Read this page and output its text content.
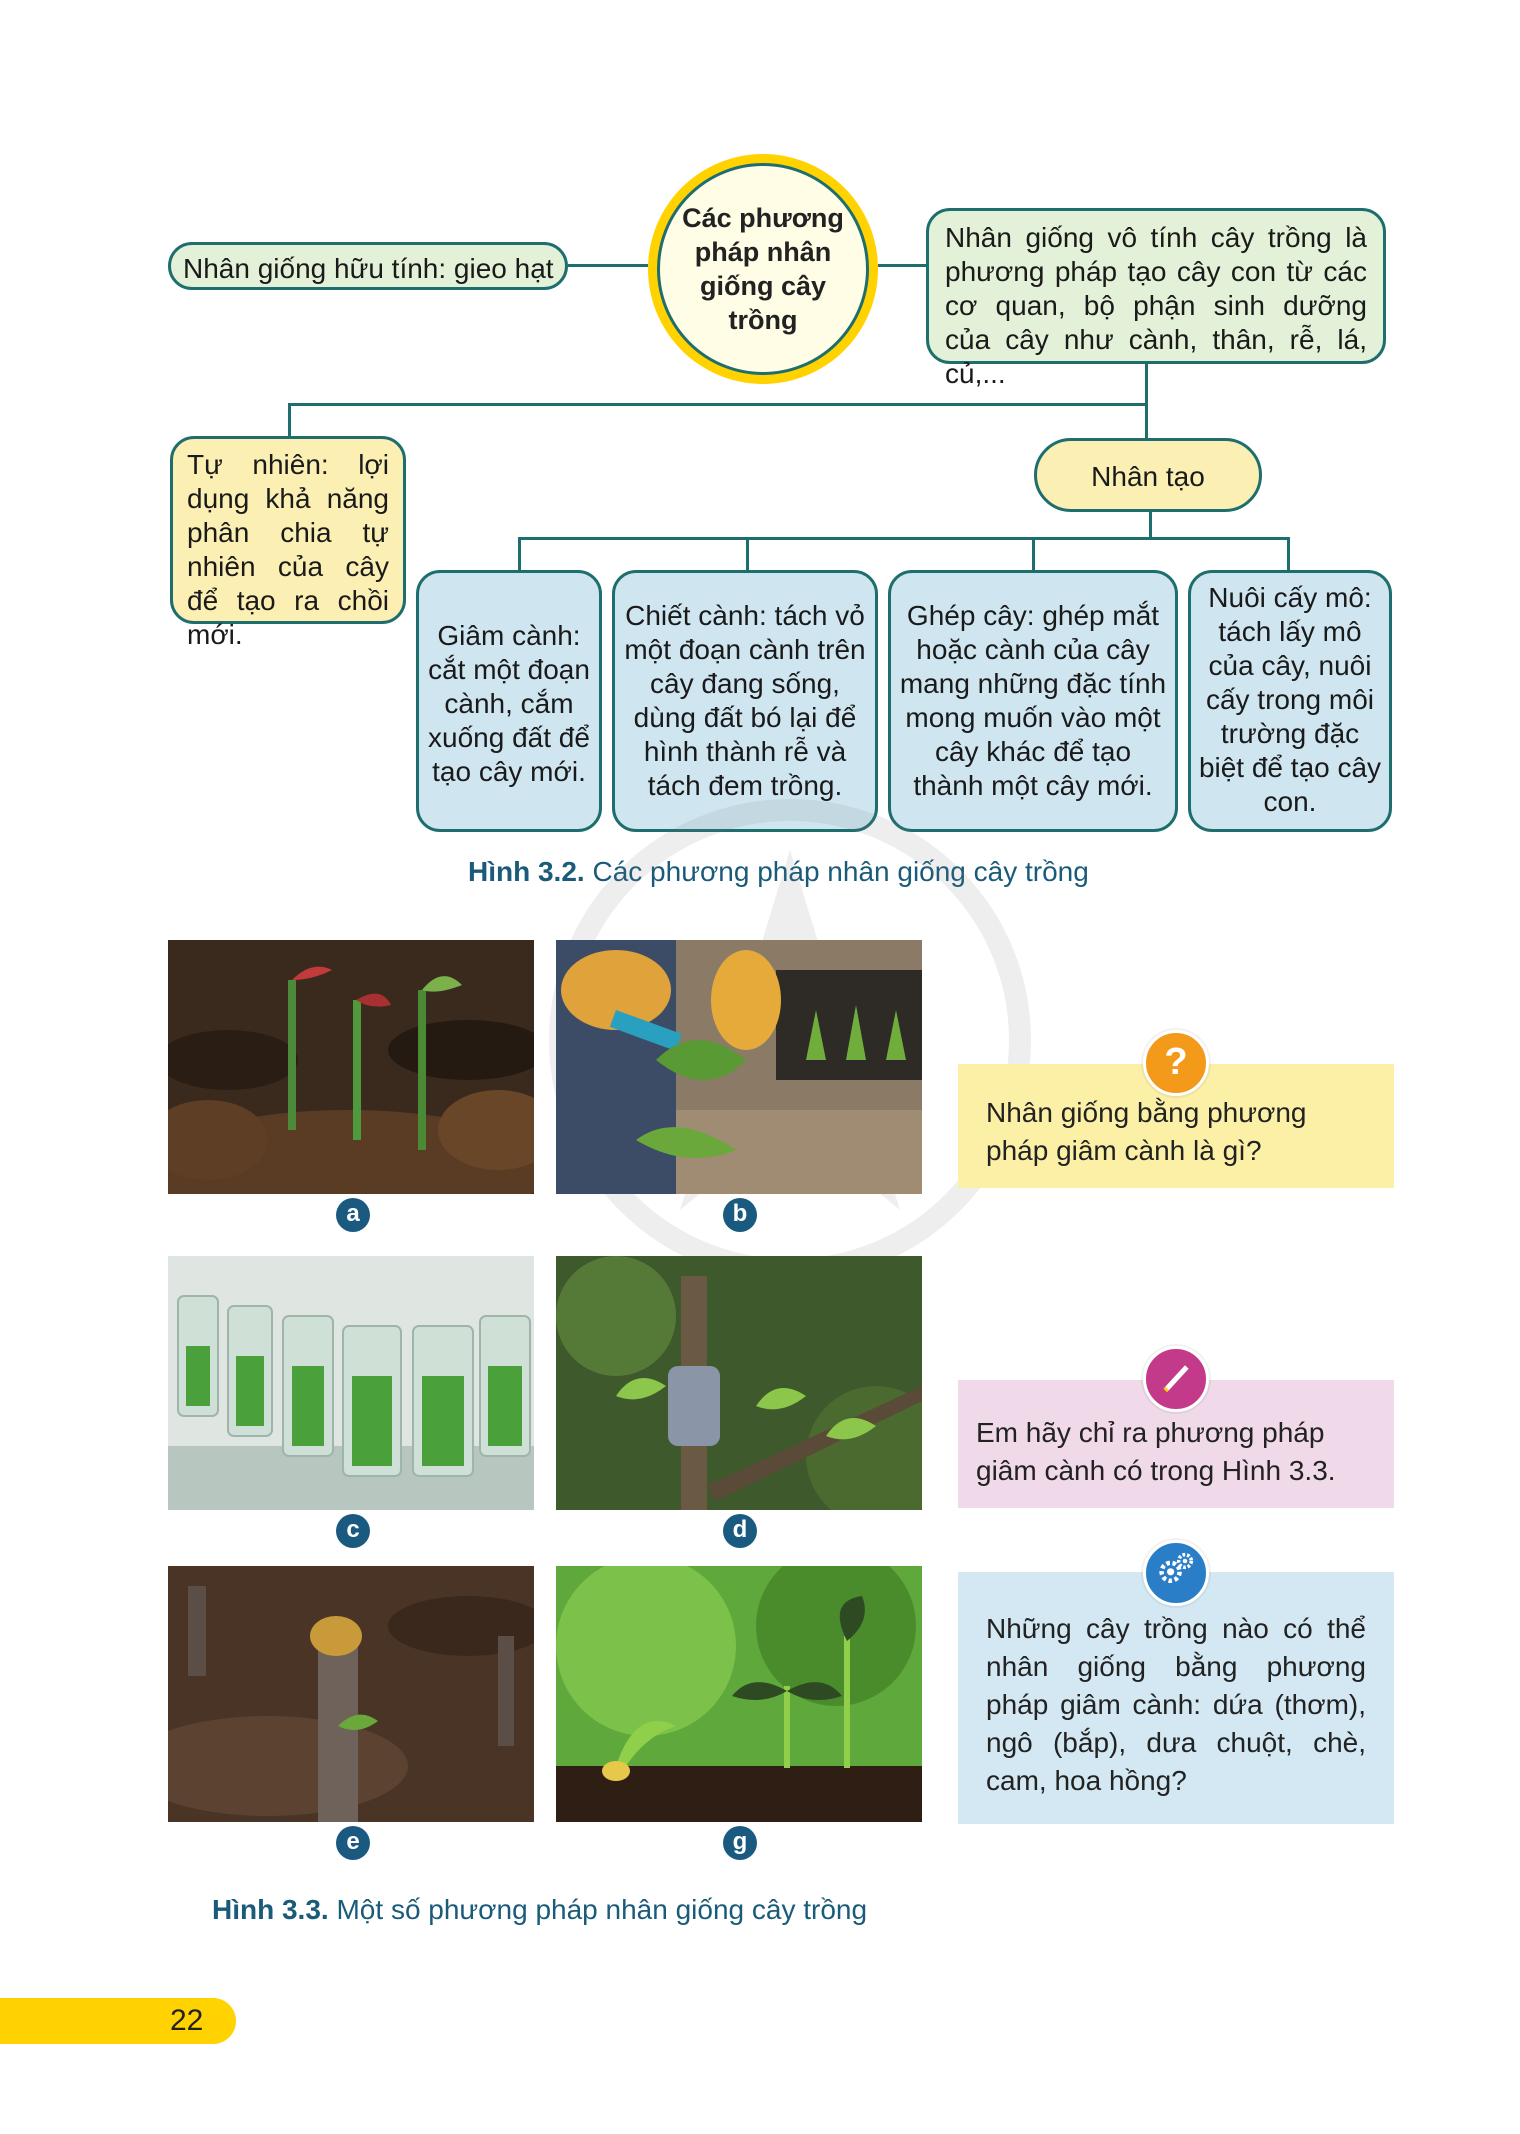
Nhân giống hữu tính: gieo hạt
Các phương pháp nhân giống cây trồng
Nhân giống vô tính cây trồng là phương pháp tạo cây con từ các cơ quan, bộ phận sinh dưỡng của cây như cành, thân, rễ, lá, củ,...
Tự nhiên: lợi dụng khả năng phân chia tự nhiên của cây để tạo ra chồi mới.
Nhân tạo
Giâm cành: cắt một đoạn cành, cắm xuống đất để tạo cây mới.
Chiết cành: tách vỏ một đoạn cành trên cây đang sống, dùng đất bó lại để hình thành rễ và tách đem trồng.
Ghép cây: ghép mắt hoặc cành của cây mang những đặc tính mong muốn vào một cây khác để tạo thành một cây mới.
Nuôi cấy mô: tách lấy mô của cây, nuôi cấy trong môi trường đặc biệt để tạo cây con.
Hình 3.2. Các phương pháp nhân giống cây trồng
a	b
c	d
e	g
Hình 3.3. Một số phương pháp nhân giống cây trồng
Nhân giống bằng phương pháp giâm cành là gì?
?
Em hãy chỉ ra phương pháp giâm cành có trong Hình 3.3.
Những cây trồng nào có thể nhân giống bằng phương pháp giâm cành: dứa (thơm), ngô (bắp), dưa chuột, chè, cam, hoa hồng?
22
